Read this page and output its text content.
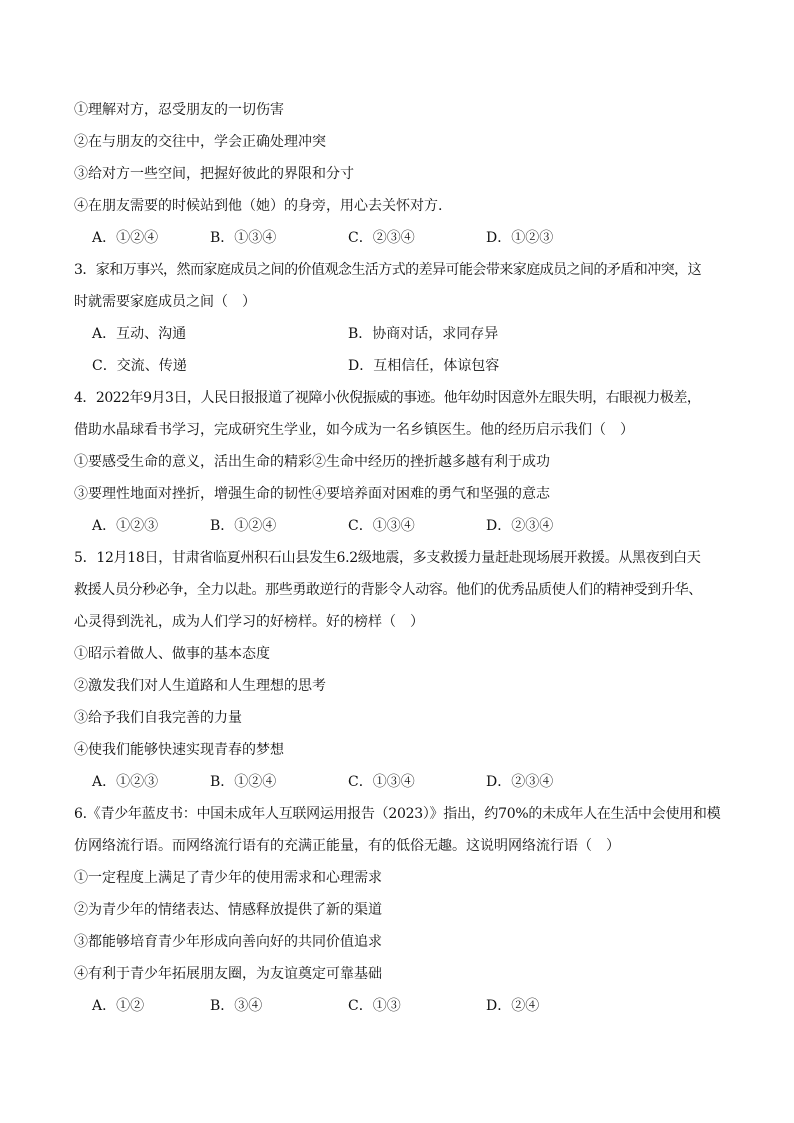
①理解对方，忍受朋友的一切伤害
②在与朋友的交往中，学会正确处理冲突
③给对方一些空间，把握好彼此的界限和分寸
④在朋友需要的时候站到他（她）的身旁，用心去关怀对方.
A．①②④	B．①③④	C．②③④	D．①②③
3．家和万事兴，然而家庭成员之间的价值观念生活方式的差异可能会带来家庭成员之间的矛盾和冲突，这
时就需要家庭成员之间（　）
A．互动、沟通	B．协商对话，求同存异
C．交流、传递	D．互相信任，体谅包容
4．2022年9月3日，人民日报报道了视障小伙倪振威的事迹。他年幼时因意外左眼失明，右眼视力极差，
借助水晶球看书学习，完成研究生学业，如今成为一名乡镇医生。他的经历启示我们（　）
①要感受生命的意义，活出生命的精彩②生命中经历的挫折越多越有利于成功
③要理性地面对挫折，增强生命的韧性④要培养面对困难的勇气和坚强的意志
A．①②③	B．①②④	C．①③④	D．②③④
5．12月18日，甘肃省临夏州积石山县发生6.2级地震，多支救援力量赶赴现场展开救援。从黑夜到白天
救援人员分秒必争，全力以赴。那些勇敢逆行的背影令人动容。他们的优秀品质使人们的精神受到升华、
心灵得到洗礼，成为人们学习的好榜样。好的榜样（　）
①昭示着做人、做事的基本态度
②激发我们对人生道路和人生理想的思考
③给予我们自我完善的力量
④使我们能够快速实现青春的梦想
A．①②③	B．①②④	C．①③④	D．②③④
6.《青少年蓝皮书：中国未成年人互联网运用报告（2023）》指出，约70%的未成年人在生活中会使用和模
仿网络流行语。而网络流行语有的充满正能量，有的低俗无趣。这说明网络流行语（　）
①一定程度上满足了青少年的使用需求和心理需求
②为青少年的情绪表达、情感释放提供了新的渠道
③都能够培育青少年形成向善向好的共同价值追求
④有利于青少年拓展朋友圈，为友谊奠定可靠基础
A．①②	B．③④	C．①③	D．②④
